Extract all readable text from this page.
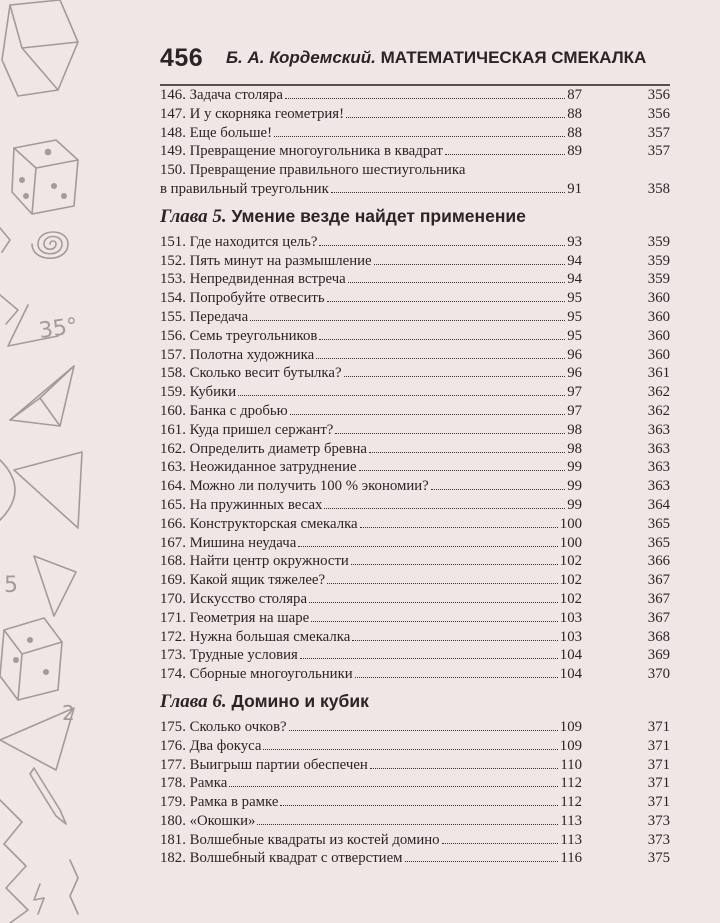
35°
5
2
456 Б. А. Кордемский. МАТЕМАТИЧЕСКАЯ СМЕКАЛКА
146. Задача столяра	87	356
147. И у скорняка геометрия!	88	356
148. Еще больше!	88	357
149. Превращение многоугольника в квадрат	89	357
150. Превращение правильного шестиугольника
в правильный треугольник	91	358
Глава 5. Умение везде найдет применение
151. Где находится цель?	93	359
152. Пять минут на размышление	94	359
153. Непредвиденная встреча	94	359
154. Попробуйте отвесить	95	360
155. Передача	95	360
156. Семь треугольников	95	360
157. Полотна художника	96	360
158. Сколько весит бутылка?	96	361
159. Кубики	97	362
160. Банка с дробью	97	362
161. Куда пришел сержант?	98	363
162. Определить диаметр бревна	98	363
163. Неожиданное затруднение	99	363
164. Можно ли получить 100 % экономии?	99	363
165. На пружинных весах	99	364
166. Конструкторская смекалка	100	365
167. Мишина неудача	100	365
168. Найти центр окружности	102	366
169. Какой ящик тяжелее?	102	367
170. Искусство столяра	102	367
171. Геометрия на шаре	103	367
172. Нужна большая смекалка	103	368
173. Трудные условия	104	369
174. Сборные многоугольники	104	370
Глава 6. Домино и кубик
175. Сколько очков?	109	371
176. Два фокуса	109	371
177. Выигрыш партии обеспечен	110	371
178. Рамка	112	371
179. Рамка в рамке	112	371
180. «Окошки»	113	373
181. Волшебные квадраты из костей домино	113	373
182. Волшебный квадрат с отверстием	116	375
